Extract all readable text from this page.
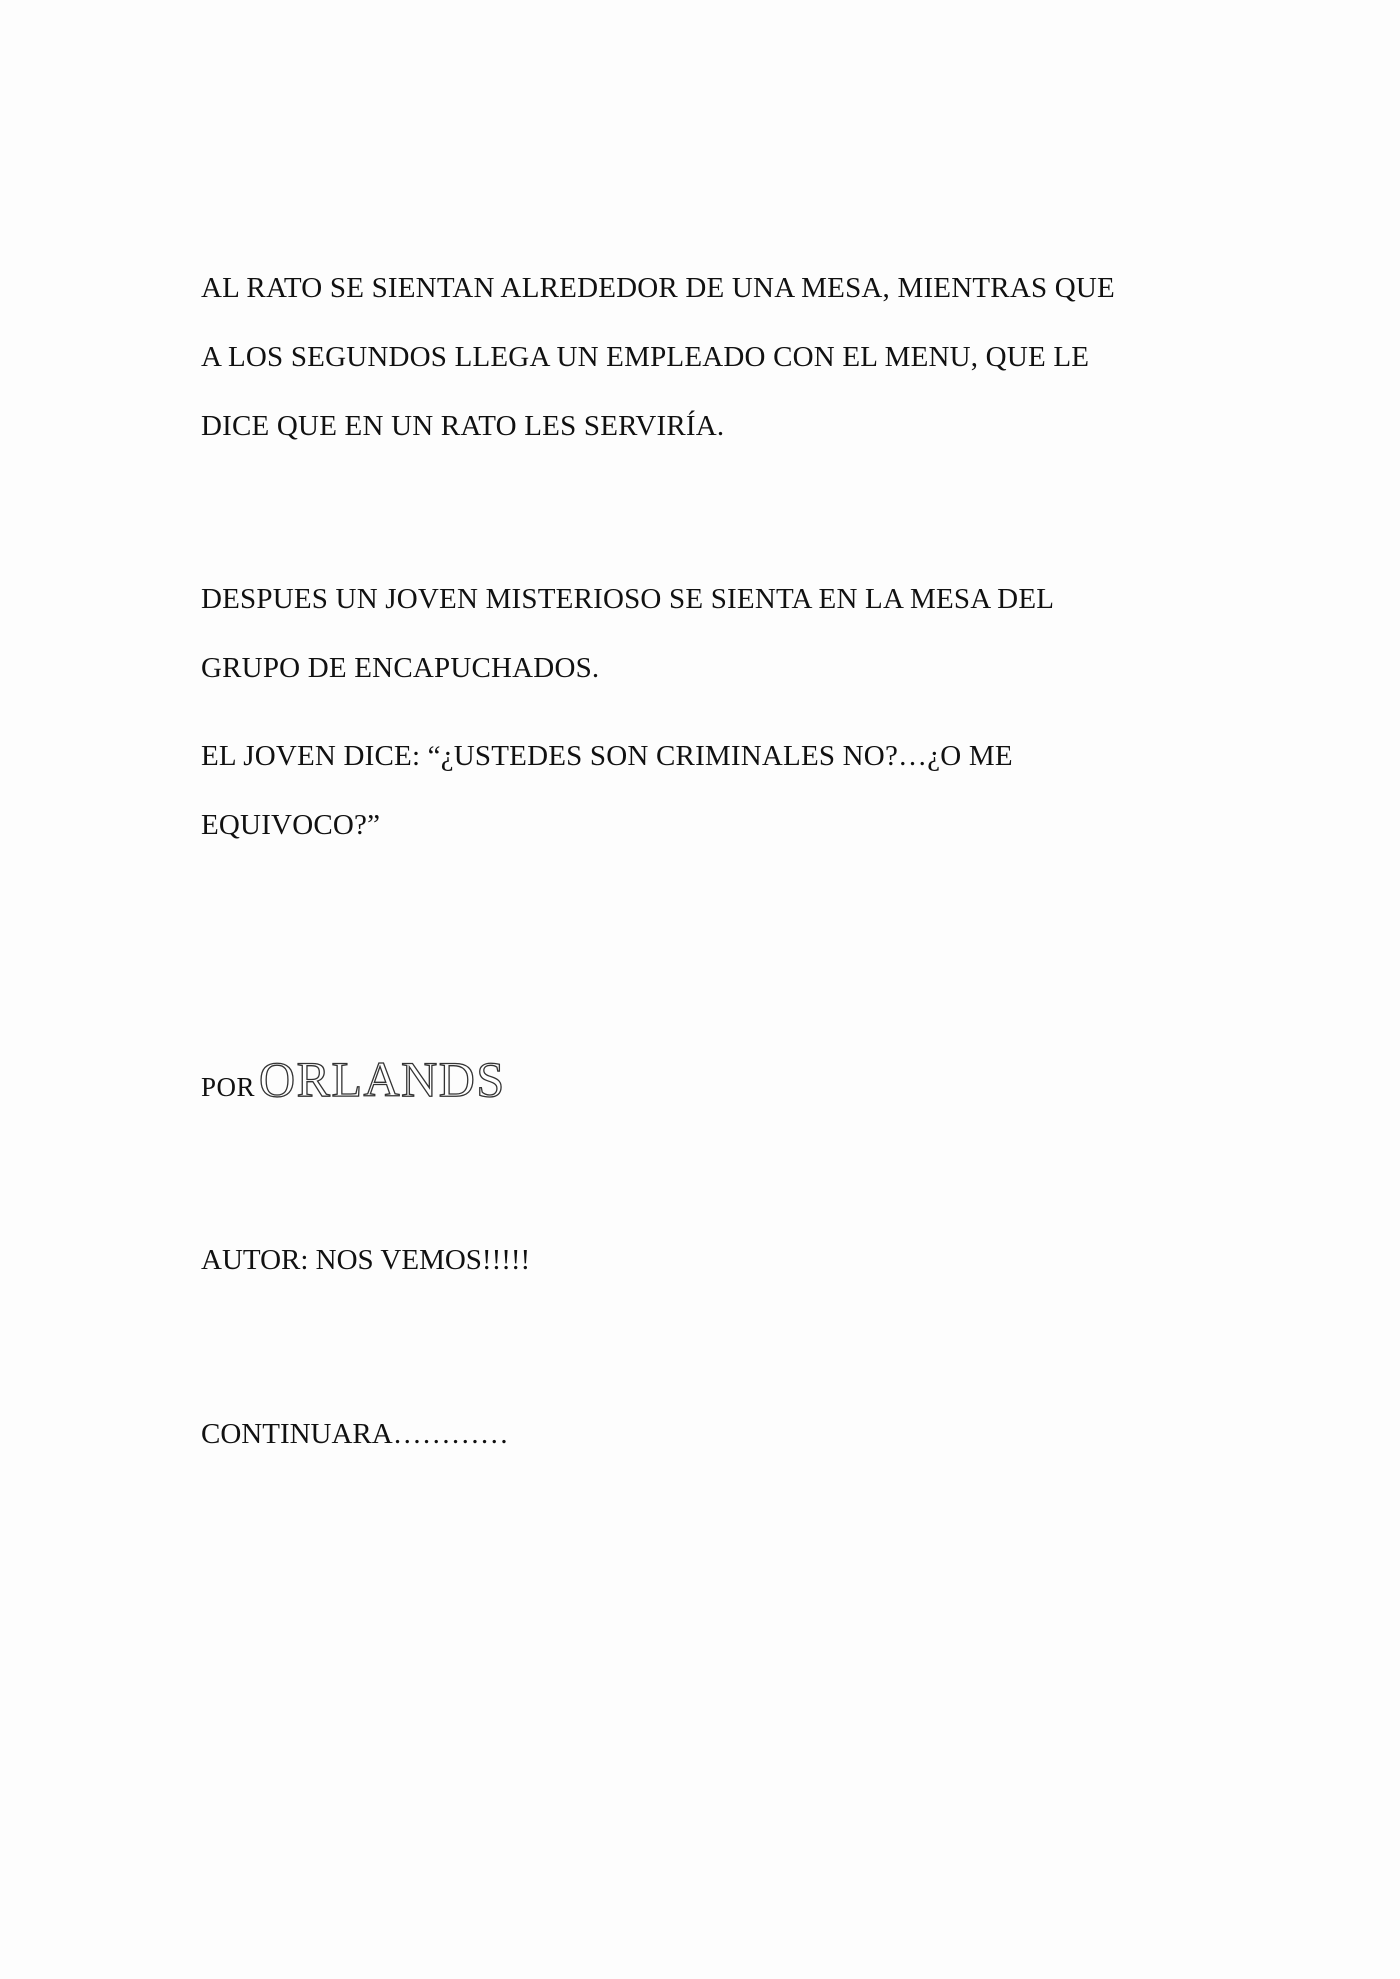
AL RATO SE SIENTAN ALREDEDOR DE UNA MESA, MIENTRAS QUE
A LOS SEGUNDOS LLEGA UN EMPLEADO CON EL MENU, QUE LE
DICE QUE EN UN RATO LES SERVIRÍA.

DESPUES UN JOVEN MISTERIOSO SE SIENTA EN LA MESA DEL
GRUPO DE ENCAPUCHADOS.

EL JOVEN DICE: “¿USTEDES SON CRIMINALES NO?…¿O ME
EQUIVOCO?”

POR ORLANDS

AUTOR: NOS VEMOS!!!!!

CONTINUARA…………
